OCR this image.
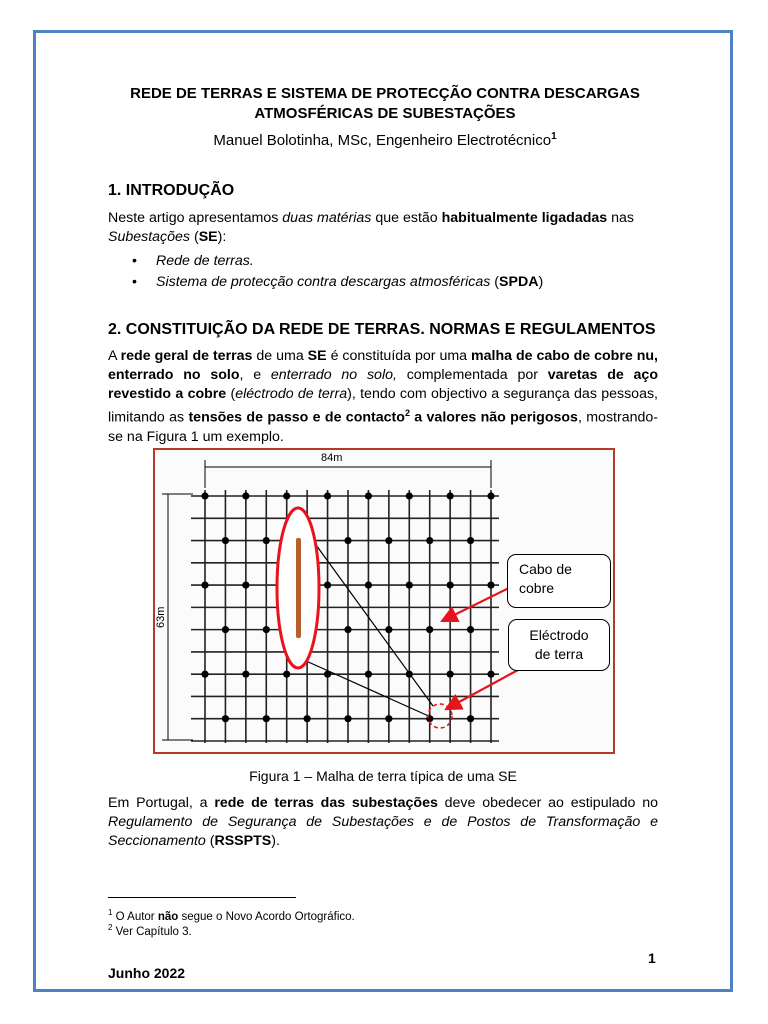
REDE DE TERRAS E SISTEMA DE PROTECÇÃO CONTRA DESCARGAS

ATMOSFÉRICAS DE SUBESTAÇÕES

Manuel Bolotinha, MSc, Engenheiro Electrotécnico$^1$

1. INTRODUÇÃO

Neste artigo apresentamos duas matérias que estão habitualmente ligadadas nas
Subestações (SE):

• Rede de terras.
• Sistema de protecção contra descargas atmosféricas (SPDA)
2. CONSTITUIÇÃO DA REDE DE TERRAS. NORMAS E REGULAMENTOS

A rede geral de terras de uma SE é constituída por uma malha de cabo de cobre nu, enterrado no solo, e enterrado no solo, complementada por varetas de aço revestido a cobre (eléctrodo de terra), tendo com objectivo a segurança das pessoas, limitando as tensões de passo e de contacto$^2$ a valores não perigosos, mostrando-se na Figura 1 um exemplo.

84m
63m
Cabo de
cobre
Eléctrodo
de terra

Figura 1 – Malha de terra típica de uma SE

Em Portugal, a rede de terras das subestações deve obedecer ao estipulado no Regulamento de Segurança de Subestações e de Postos de Transformação e Seccionamento (RSSPTS).

$^1$ O Autor não segue o Novo Acordo Ortográfico.

$^2$ Ver Capítulo 3.

1

Junho 2022
